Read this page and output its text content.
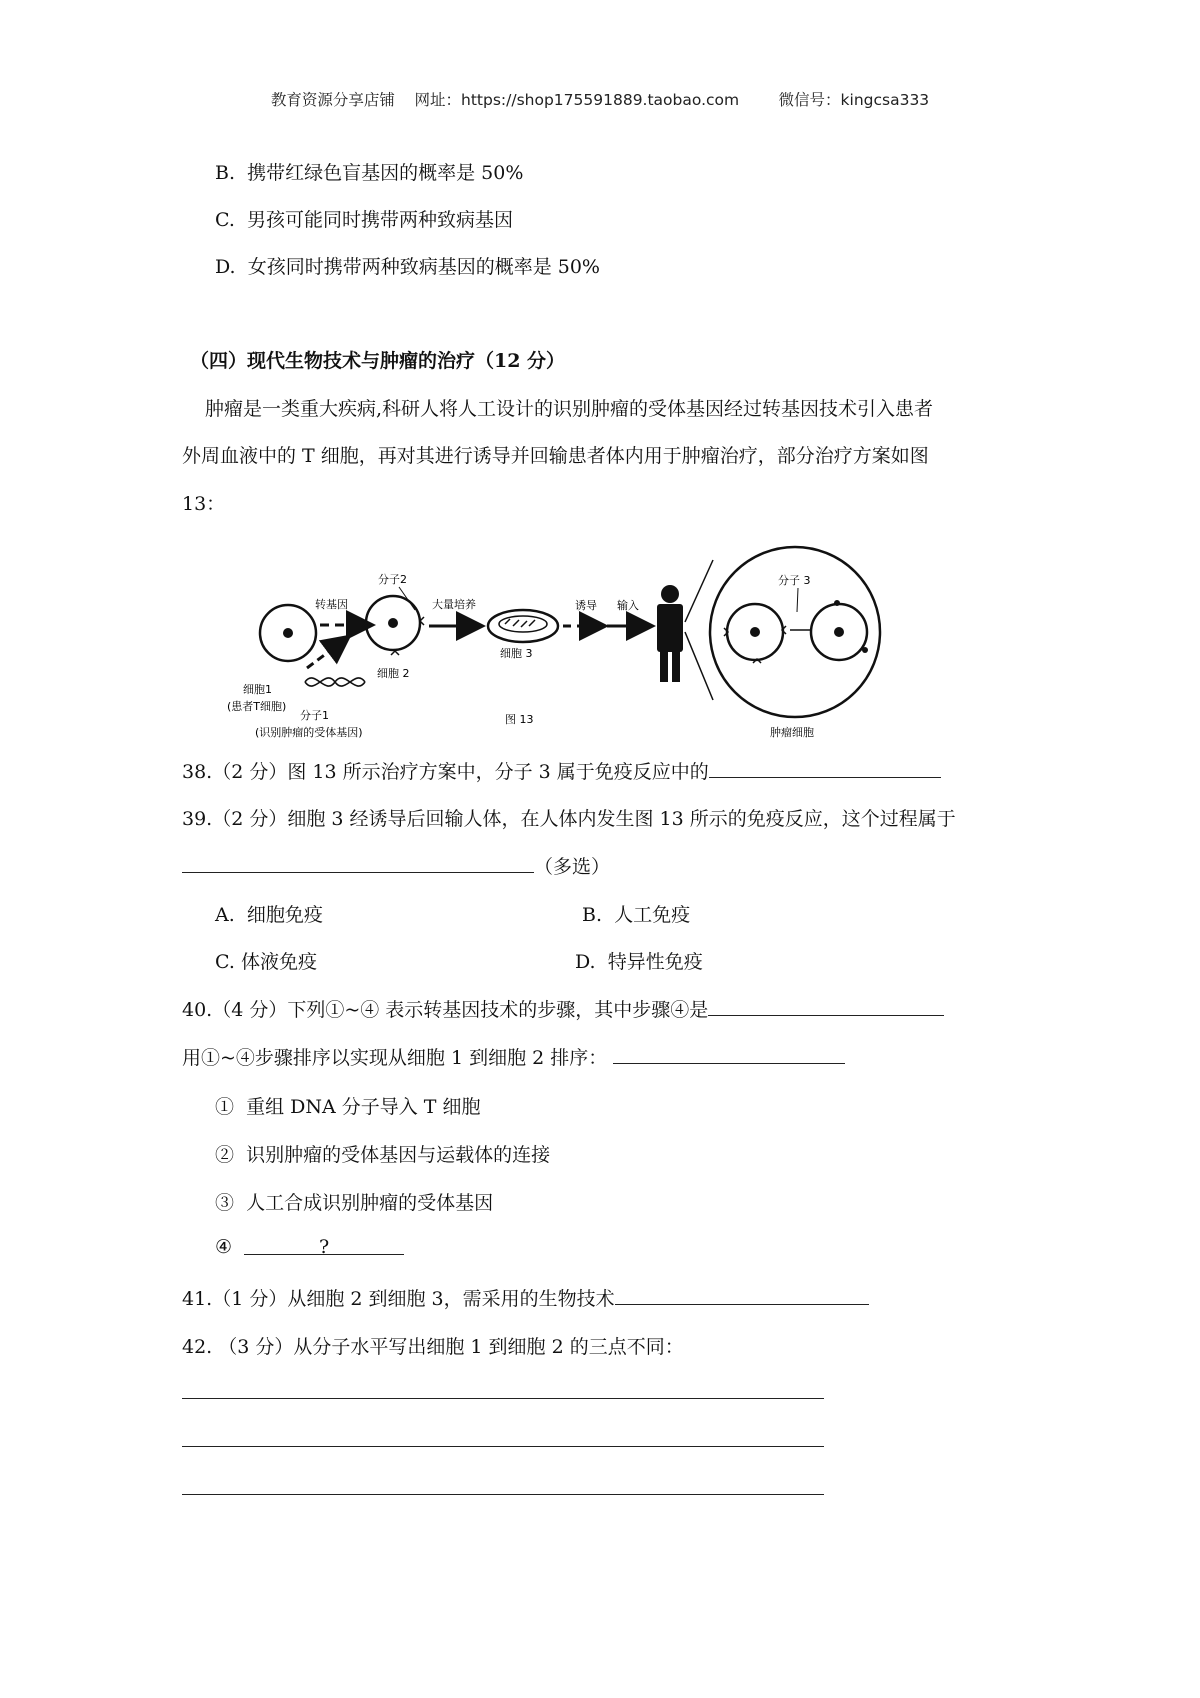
教育资源分享店铺    网址：https://shop175591889.taobao.com        微信号：kingcsa333
B. 携带红绿色盲基因的概率是 50%
C. 男孩可能同时携带两种致病基因
D. 女孩同时携带两种致病基因的概率是 50%
（四）现代生物技术与肿瘤的治疗（12 分）
肿瘤是一类重大疾病,科研人将人工设计的识别肿瘤的受体基因经过转基因技术引入患者
外周血液中的 T 细胞，再对其进行诱导并回输患者体内用于肿瘤治疗，部分治疗方案如图
13：
细胞1
(患者T细胞)
转基因
分子1
(识别肿瘤的受体基因)
细胞 2
分子2
大量培养
细胞 3
诱导 输入
分子 3
肿瘤细胞
图 13
38.（2 分）图 13 所示治疗方案中，分子 3 属于免疫反应中的
39.（2 分）细胞 3 经诱导后回输人体，在人体内发生图 13 所示的免疫反应，这个过程属于
（多选）
A. 细胞免疫	B. 人工免疫
C. 体液免疫	D. 特异性免疫
40.（4 分）下列①~④ 表示转基因技术的步骤，其中步骤④是
用①~④步骤排序以实现从细胞 1 到细胞 2 排序：
① 重组 DNA 分子导入 T 细胞
② 识别肿瘤的受体基因与运载体的连接
③ 人工合成识别肿瘤的受体基因
④	?
41.（1 分）从细胞 2 到细胞 3，需采用的生物技术
42. （3 分）从分子水平写出细胞 1 到细胞 2 的三点不同：
